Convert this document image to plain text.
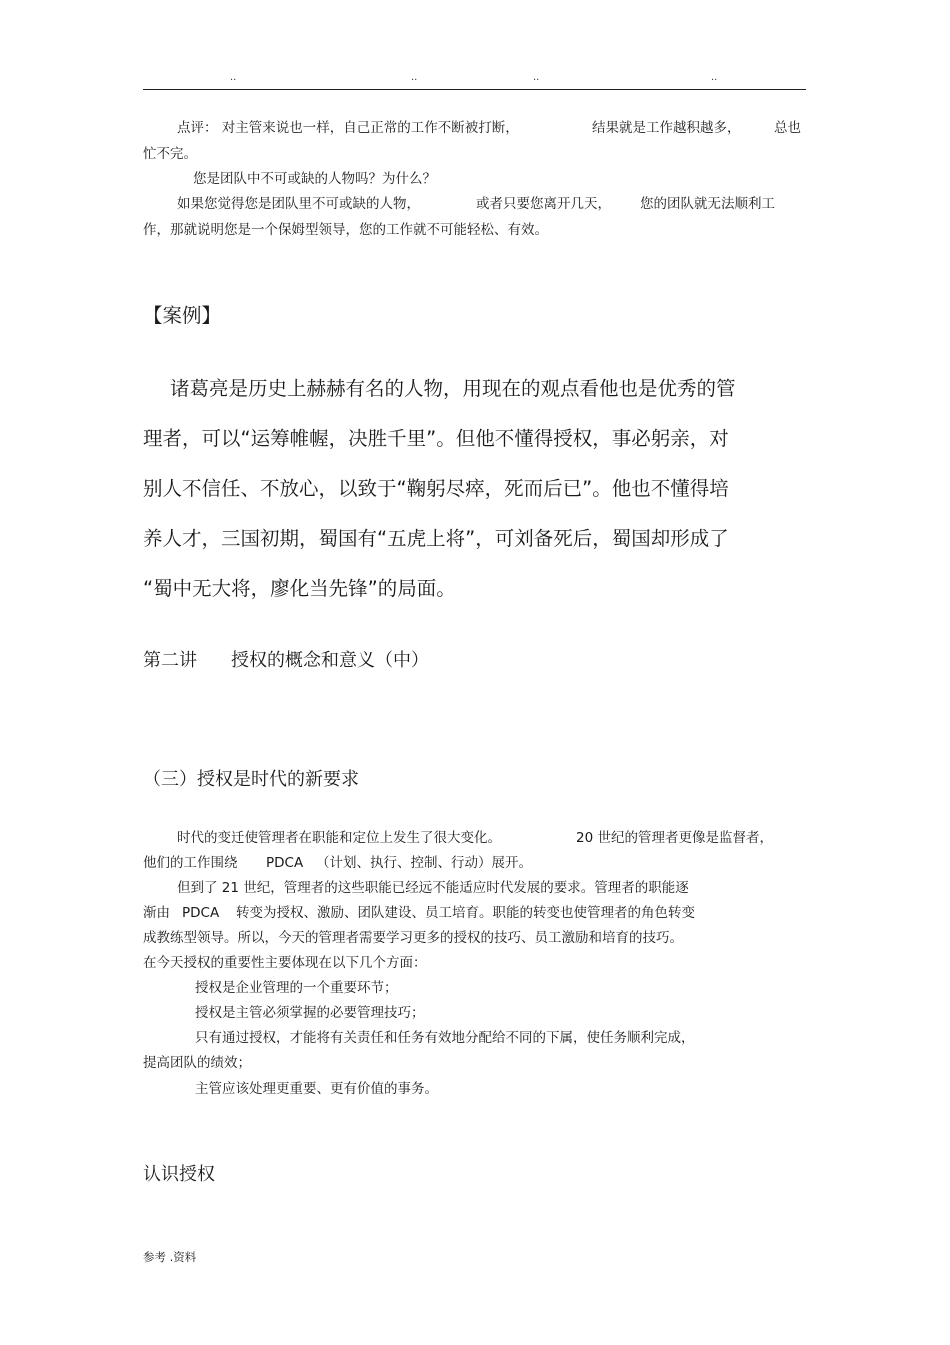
..	..	..	..
点评： 对主管来说也一样，自己正常的工作不断被打断，	结果就是工作越积越多， 总也
忙不完。
您是团队中不可或缺的人物吗？为什么？
如果您觉得您是团队里不可或缺的人物，	或者只要您离开几天， 您的团队就无法顺利工
作，那就说明您是一个保姆型领导，您的工作就不可能轻松、有效。
【案例】
诸葛亮是历史上赫赫有名的人物，用现在的观点看他也是优秀的管
理者，可以“运筹帷幄，决胜千里”。但他不懂得授权，事必躬亲，对
别人不信任、不放心，以致于“鞠躬尽瘁，死而后已”。他也不懂得培
养人才，三国初期，蜀国有“五虎上将”，可刘备死后，蜀国却形成了
“蜀中无大将，廖化当先锋”的局面。
第二讲 授权的概念和意义（中）
（三）授权是时代的新要求
时代的变迁使管理者在职能和定位上发生了很大变化。	20 世纪的管理者更像是监督者，
他们的工作围绕 PDCA （计划、执行、控制、行动）展开。
但到了 21 世纪，管理者的这些职能已经远不能适应时代发展的要求。管理者的职能逐
渐由 PDCA 转变为授权、激励、团队建设、员工培育。职能的转变也使管理者的角色转变
成教练型领导。所以，今天的管理者需要学习更多的授权的技巧、员工激励和培育的技巧。
在今天授权的重要性主要体现在以下几个方面：
授权是企业管理的一个重要环节；
授权是主管必须掌握的必要管理技巧；
只有通过授权，才能将有关责任和任务有效地分配给不同的下属，使任务顺利完成，
提高团队的绩效；
主管应该处理更重要、更有价值的事务。
认识授权
参考 .资料
